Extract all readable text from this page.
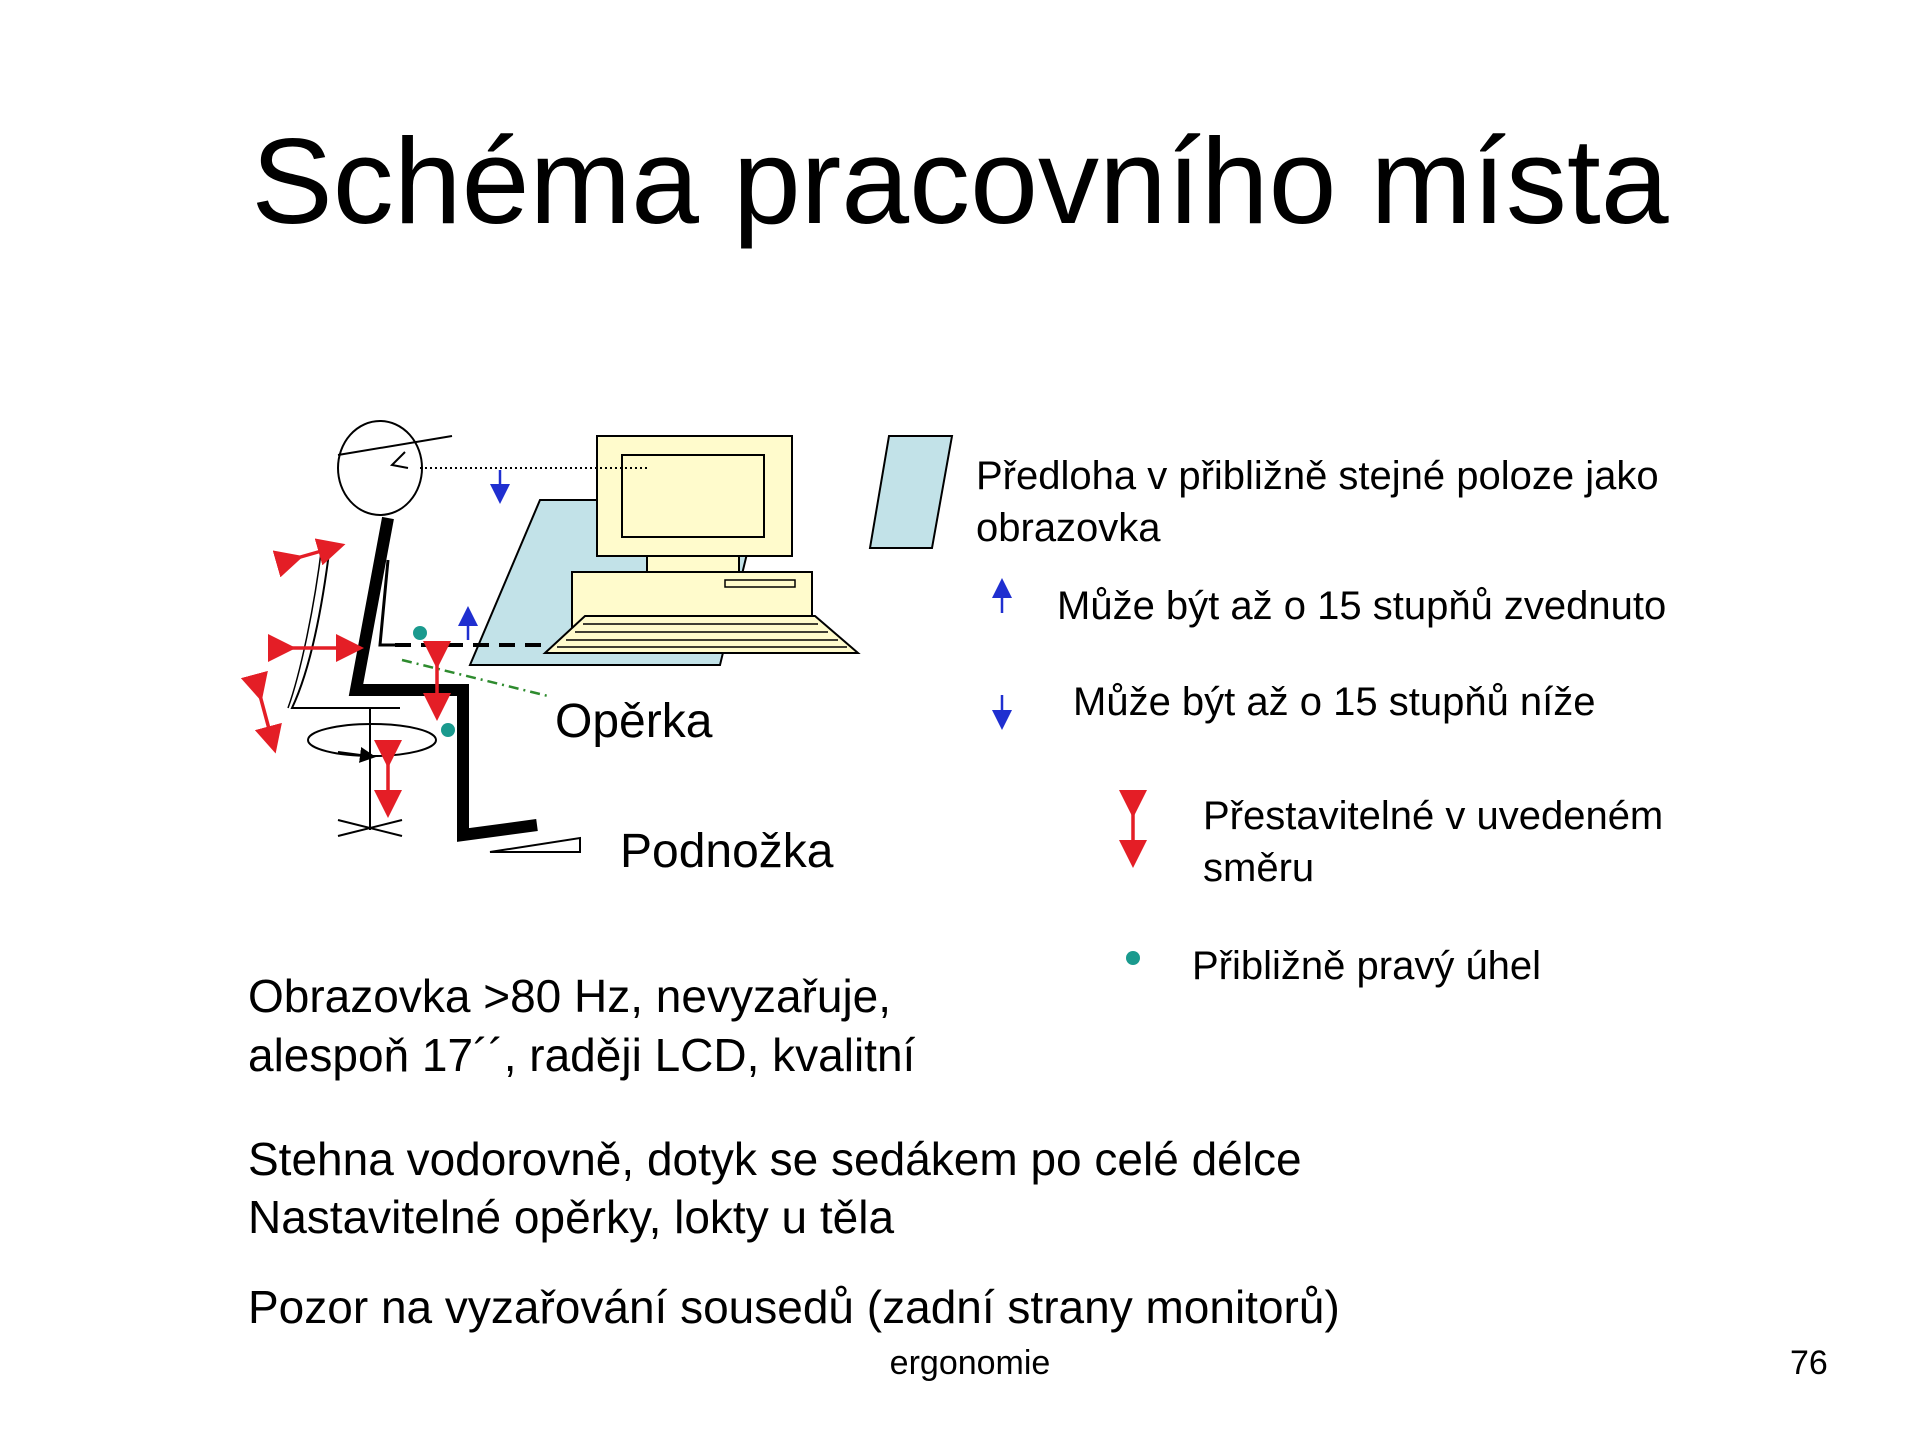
Schéma pracovního místa
Opěrka
Podnožka
Předloha v přibližně stejné poloze jako
obrazovka
Může být až o 15 stupňů zvednuto
Může být až o 15 stupňů níže
Přestavitelné v uvedeném
směru
Přibližně pravý úhel
Obrazovka >80 Hz, nevyzařuje,
alespoň 17´´, raději LCD, kvalitní
Stehna vodorovně, dotyk se sedákem po celé délce
Nastavitelné opěrky, lokty u těla
Pozor na vyzařování sousedů (zadní strany monitorů)
ergonomie	76
